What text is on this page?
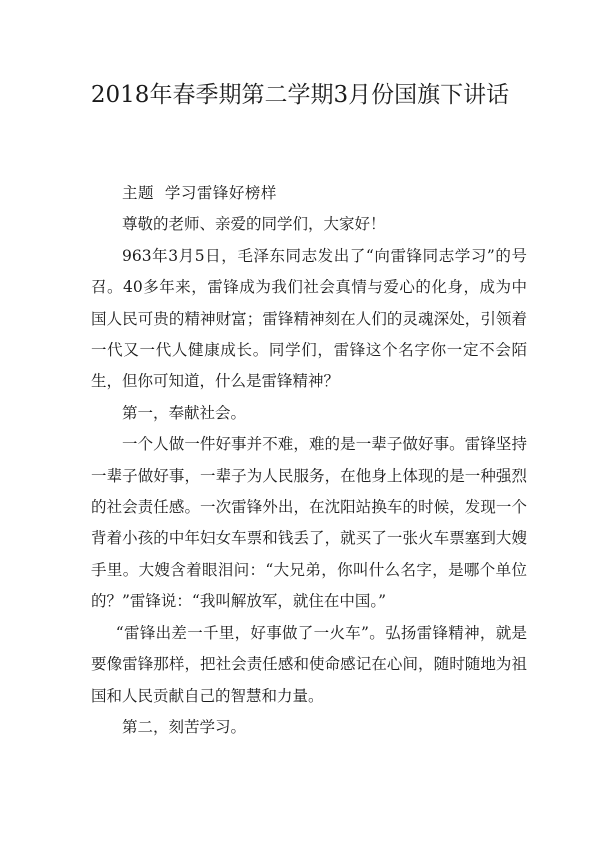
2018年春季期第二学期3月份国旗下讲话

主题  学习雷锋好榜样

尊敬的老师、亲爱的同学们，大家好！

963年3月5日，毛泽东同志发出了“向雷锋同志学习”的号召。40多年来，雷锋成为我们社会真情与爱心的化身，成为中国人民可贵的精神财富；雷锋精神刻在人们的灵魂深处，引领着一代又一代人健康成长。同学们，雷锋这个名字你一定不会陌生，但你可知道，什么是雷锋精神？

第一，奉献社会。

一个人做一件好事并不难，难的是一辈子做好事。雷锋坚持一辈子做好事，一辈子为人民服务，在他身上体现的是一种强烈的社会责任感。一次雷锋外出，在沈阳站换车的时候，发现一个背着小孩的中年妇女车票和钱丢了，就买了一张火车票塞到大嫂手里。大嫂含着眼泪问：“大兄弟，你叫什么名字，是哪个单位的？”雷锋说：“我叫解放军，就住在中国。”

“雷锋出差一千里，好事做了一火车”。弘扬雷锋精神，就是要像雷锋那样，把社会责任感和使命感记在心间，随时随地为祖国和人民贡献自己的智慧和力量。

第二，刻苦学习。
